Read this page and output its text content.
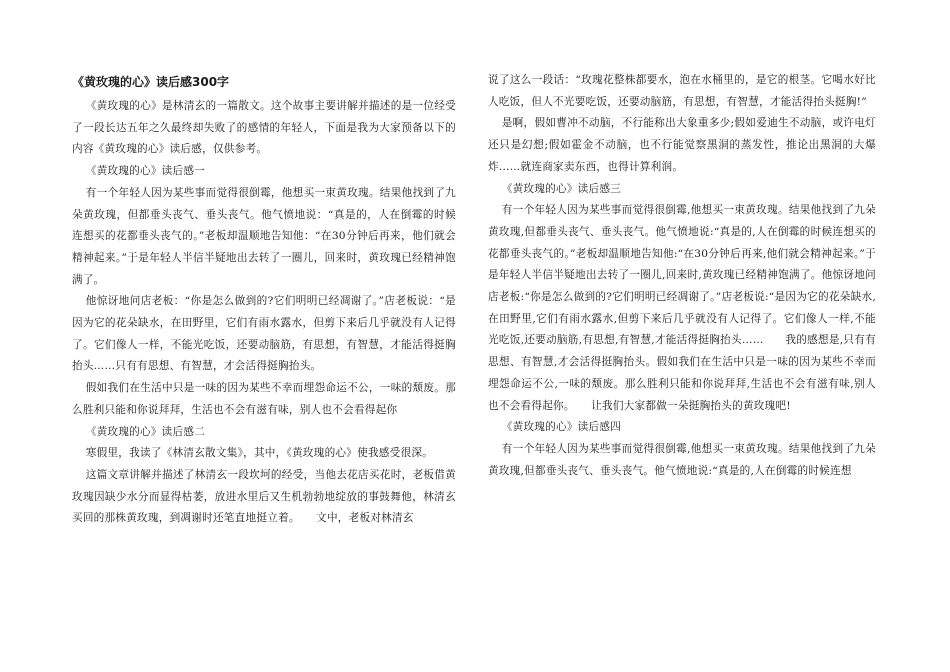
《黄玫瑰的心》读后感300字
《黄玫瑰的心》是林清玄的一篇散文。这个故事主要讲解并描述的是一位经受了一段长达五年之久最终却失败了的感情的年轻人，下面是我为大家预备以下的内容《黄玫瑰的心》读后感，仅供参考。
《黄玫瑰的心》读后感一
有一个年轻人因为某些事而觉得很倒霉，他想买一束黄玫瑰。结果他找到了九朵黄玫瑰，但都垂头丧气、垂头丧气。他气愤地说：“真是的，人在倒霉的时候连想买的花都垂头丧气的。”老板却温顺地告知他：“在30分钟后再来，他们就会精神起来。”于是年轻人半信半疑地出去转了一圈儿，回来时，黄玫瑰已经精神饱满了。
他惊讶地问店老板：“你是怎么做到的?它们明明已经凋谢了。”店老板说：“是因为它的花朵缺水，在田野里，它们有雨水露水，但剪下来后几乎就没有人记得了。它们像人一样，不能光吃饭，还要动脑筋，有思想，有智慧，才能活得挺胸抬头……只有有思想、有智慧，才会活得挺胸抬头。
假如我们在生活中只是一味的因为某些不幸而埋怨命运不公，一味的颓废。那么胜利只能和你说拜拜，生活也不会有滋有味，别人也不会看得起你
《黄玫瑰的心》读后感二
寒假里，我读了《林清玄散文集》，其中，《黄玫瑰的心》使我感受很深。
这篇文章讲解并描述了林清玄一段坎坷的经受，当他去花店买花时，老板借黄玫瑰因缺少水分而显得枯萎，放进水里后又生机勃勃地绽放的事鼓舞他，林清玄买回的那株黄玫瑰，到凋谢时还笔直地挺立着。　　文中，老板对林清玄
说了这么一段话：“玫瑰花整株都要水，泡在水桶里的，是它的根茎。它喝水好比人吃饭，但人不光要吃饭，还要动脑筋，有思想，有智慧，才能活得抬头挺胸!”
是啊，假如曹冲不动脑，不行能称出大象重多少;假如爱迪生不动脑，或许电灯还只是幻想;假如霍金不动脑，也不行能觉察黑洞的蒸发性，推论出黑洞的大爆炸……就连商家卖东西，也得计算利润。
《黄玫瑰的心》读后感三
有一个年轻人因为某些事而觉得很倒霉,他想买一束黄玫瑰。结果他找到了九朵黄玫瑰,但都垂头丧气、垂头丧气。他气愤地说:“真是的,人在倒霉的时候连想买的花都垂头丧气的。”老板却温顺地告知他:“在30分钟后再来,他们就会精神起来。”于是年轻人半信半疑地出去转了一圈儿,回来时,黄玫瑰已经精神饱满了。他惊讶地问店老板:“你是怎么做到的?它们明明已经凋谢了。”店老板说:“是因为它的花朵缺水,在田野里,它们有雨水露水,但剪下来后几乎就没有人记得了。它们像人一样,不能光吃饭,还要动脑筋,有思想,有智慧,才能活得挺胸抬头……　　我的感想是,只有有思想、有智慧,才会活得挺胸抬头。假如我们在生活中只是一味的因为某些不幸而埋怨命运不公,一味的颓废。那么胜利只能和你说拜拜,生活也不会有滋有味,别人也不会看得起你。　　让我们大家都做一朵挺胸抬头的黄玫瑰吧!
《黄玫瑰的心》读后感四
有一个年轻人因为某些事而觉得很倒霉,他想买一束黄玫瑰。结果他找到了九朵黄玫瑰,但都垂头丧气、垂头丧气。他气愤地说:“真是的,人在倒霉的时候连想
